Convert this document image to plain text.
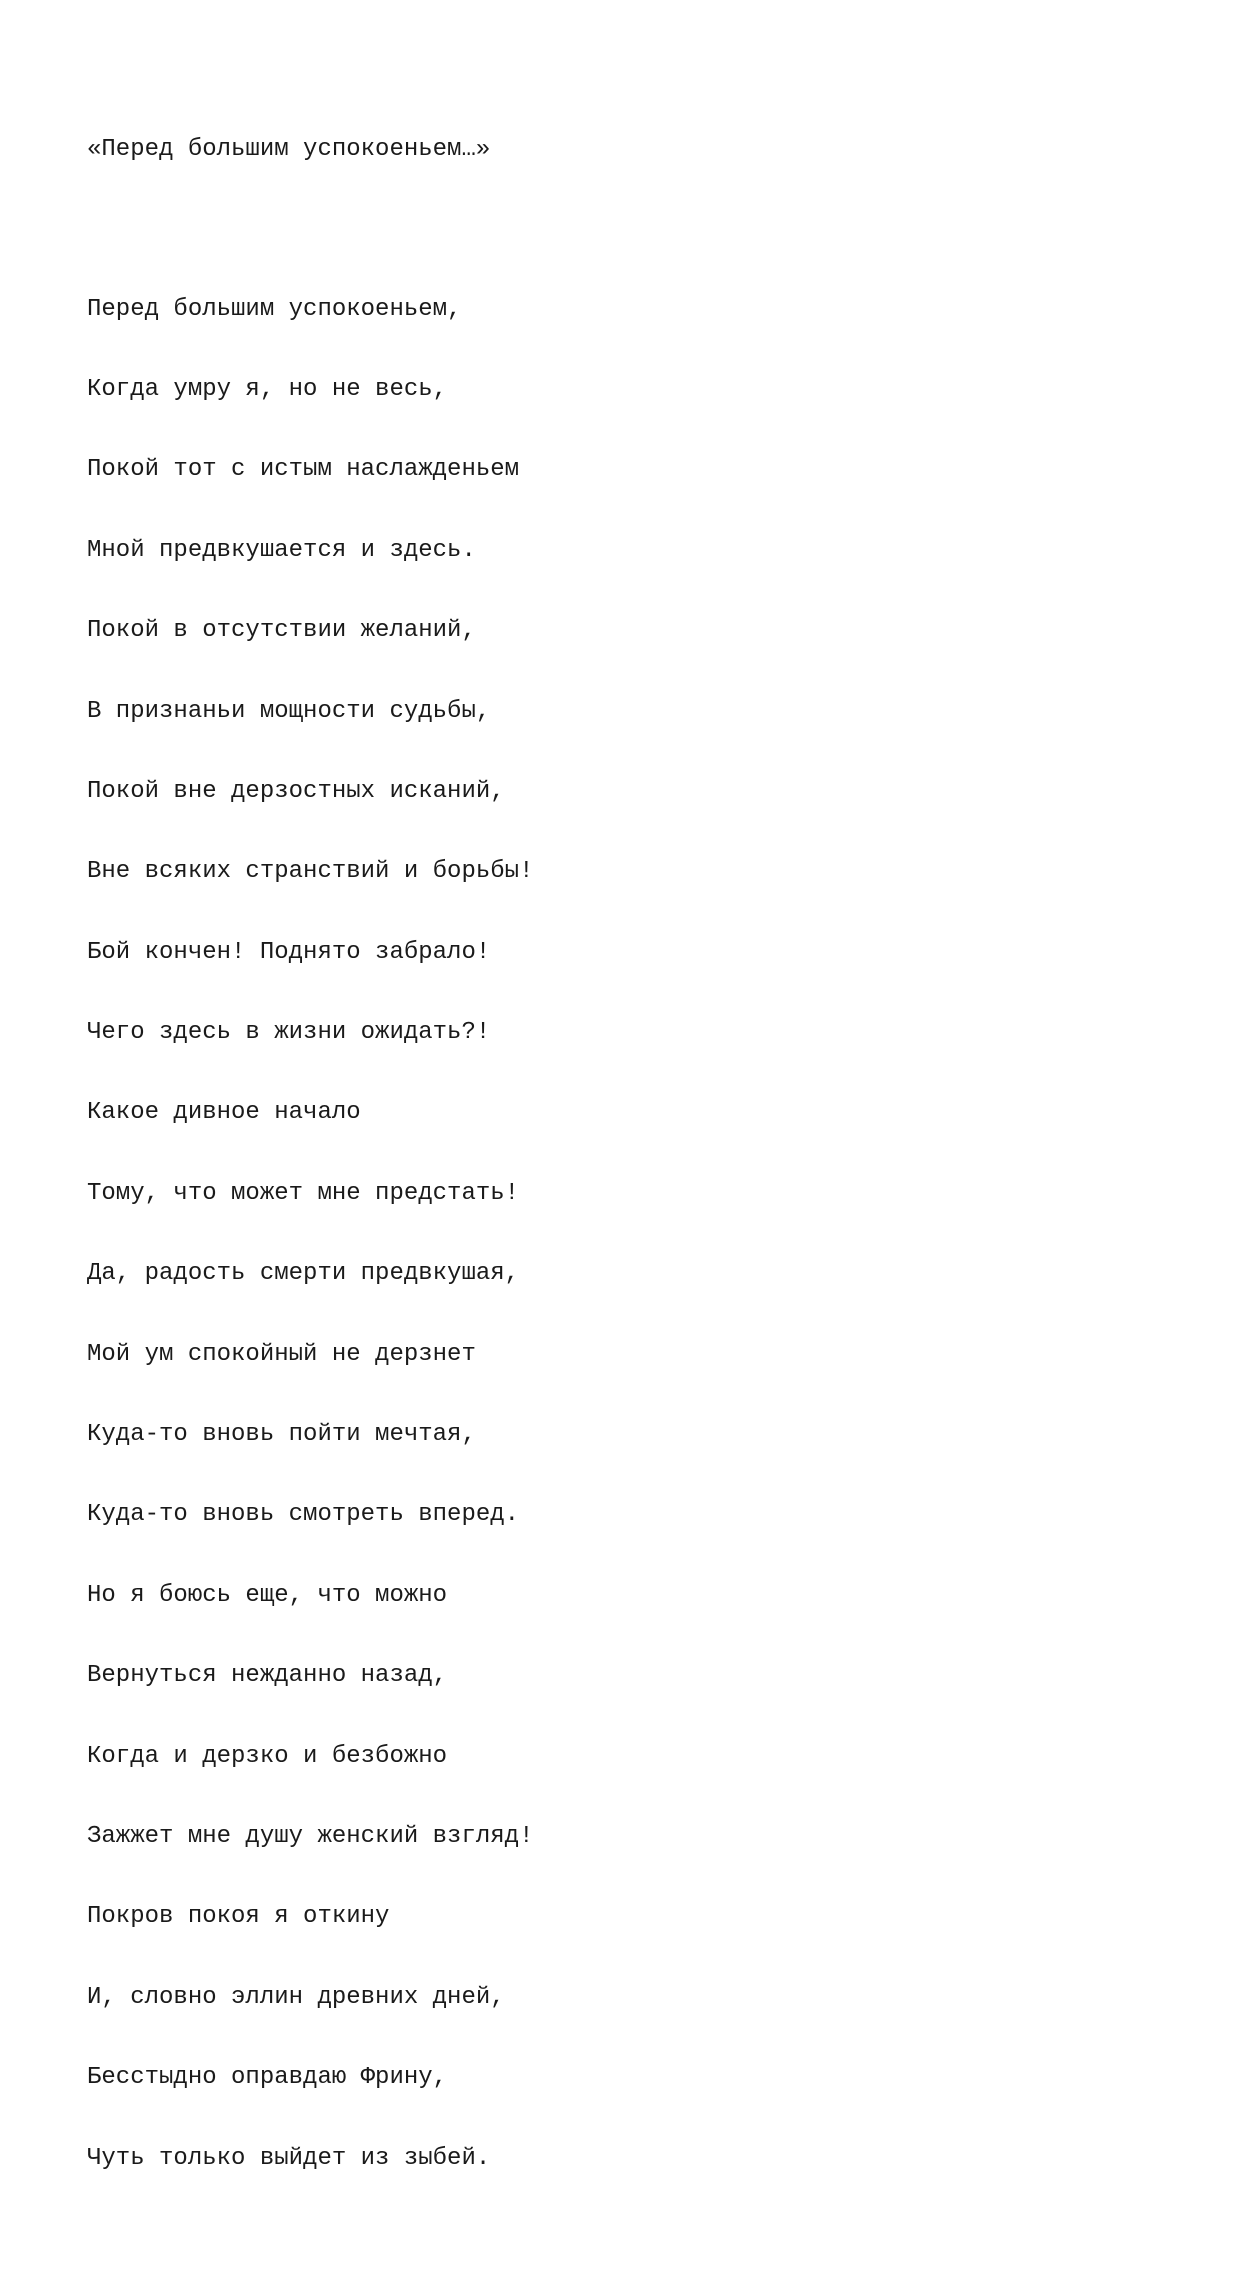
«Перед большим успокоеньем…»

Перед большим успокоеньем,

Когда умру я, но не весь,

Покой тот с истым наслажденьем

Мной предвкушается и здесь.

Покой в отсутствии желаний,

В признаньи мощности судьбы,

Покой вне дерзостных исканий,

Вне всяких странствий и борьбы!

Бой кончен! Поднято забрало!

Чего здесь в жизни ожидать?!

Какое дивное начало

Тому, что может мне предстать!

Да, радость смерти предвкушая,

Мой ум спокойный не дерзнет

Куда-то вновь пойти мечтая,

Куда-то вновь смотреть вперед.

Но я боюсь еще, что можно

Вернуться нежданно назад,

Когда и дерзко и безбожно

Зажжет мне душу женский взгляд!

Покров покоя я откину

И, словно эллин древних дней,

Бесстыдно оправдаю Фрину,

Чуть только выйдет из зыбей.
